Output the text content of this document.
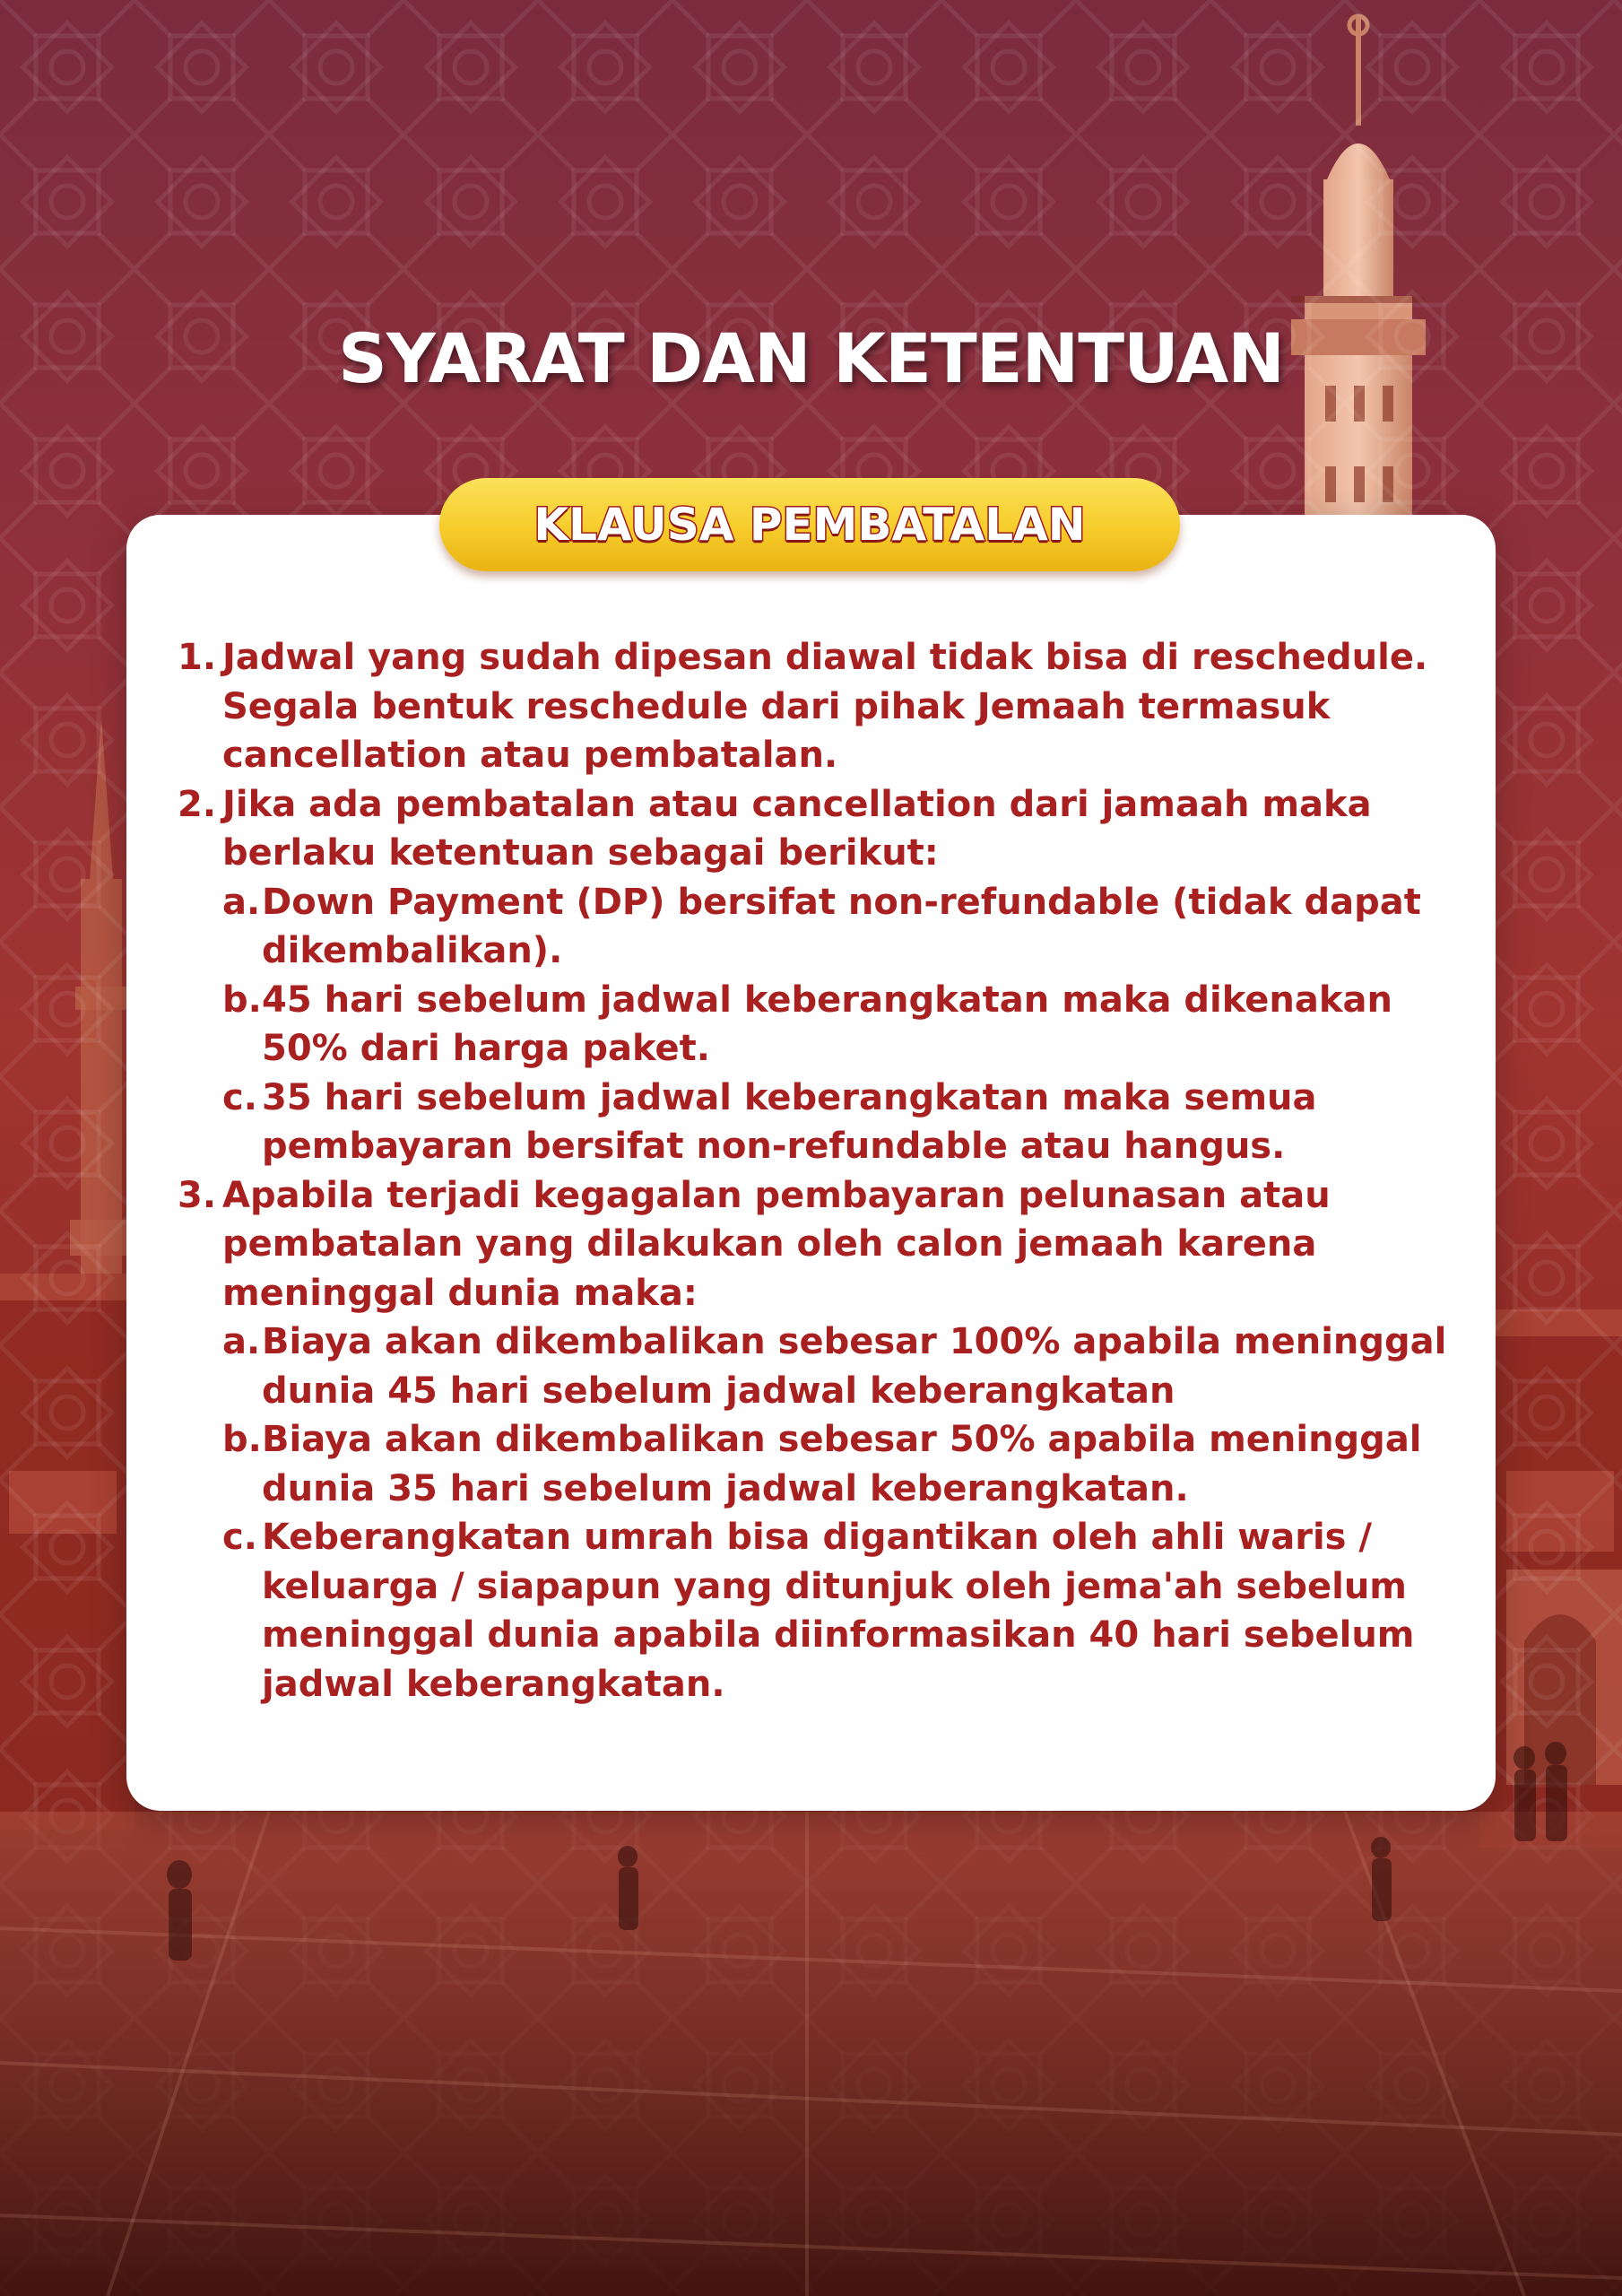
SYARAT DAN KETENTUAN
KLAUSA PEMBATALAN
1. Jadwal yang sudah dipesan diawal tidak bisa di reschedule. Segala bentuk reschedule dari pihak Jemaah termasuk cancellation atau pembatalan.
2. Jika ada pembatalan atau cancellation dari jamaah maka berlaku ketentuan sebagai berikut:
a. Down Payment (DP) bersifat non-refundable (tidak dapat dikembalikan).
b. 45 hari sebelum jadwal keberangkatan maka dikenakan 50% dari harga paket.
c. 35 hari sebelum jadwal keberangkatan maka semua pembayaran bersifat non-refundable atau hangus.
3. Apabila terjadi kegagalan pembayaran pelunasan atau pembatalan yang dilakukan oleh calon jemaah karena meninggal dunia maka:
a. Biaya akan dikembalikan sebesar 100% apabila meninggal dunia 45 hari sebelum jadwal keberangkatan
b. Biaya akan dikembalikan sebesar 50% apabila meninggal dunia 35 hari sebelum jadwal keberangkatan.
c. Keberangkatan umrah bisa digantikan oleh ahli waris / keluarga / siapapun yang ditunjuk oleh jema'ah sebelum meninggal dunia apabila diinformasikan 40 hari sebelum jadwal keberangkatan.
